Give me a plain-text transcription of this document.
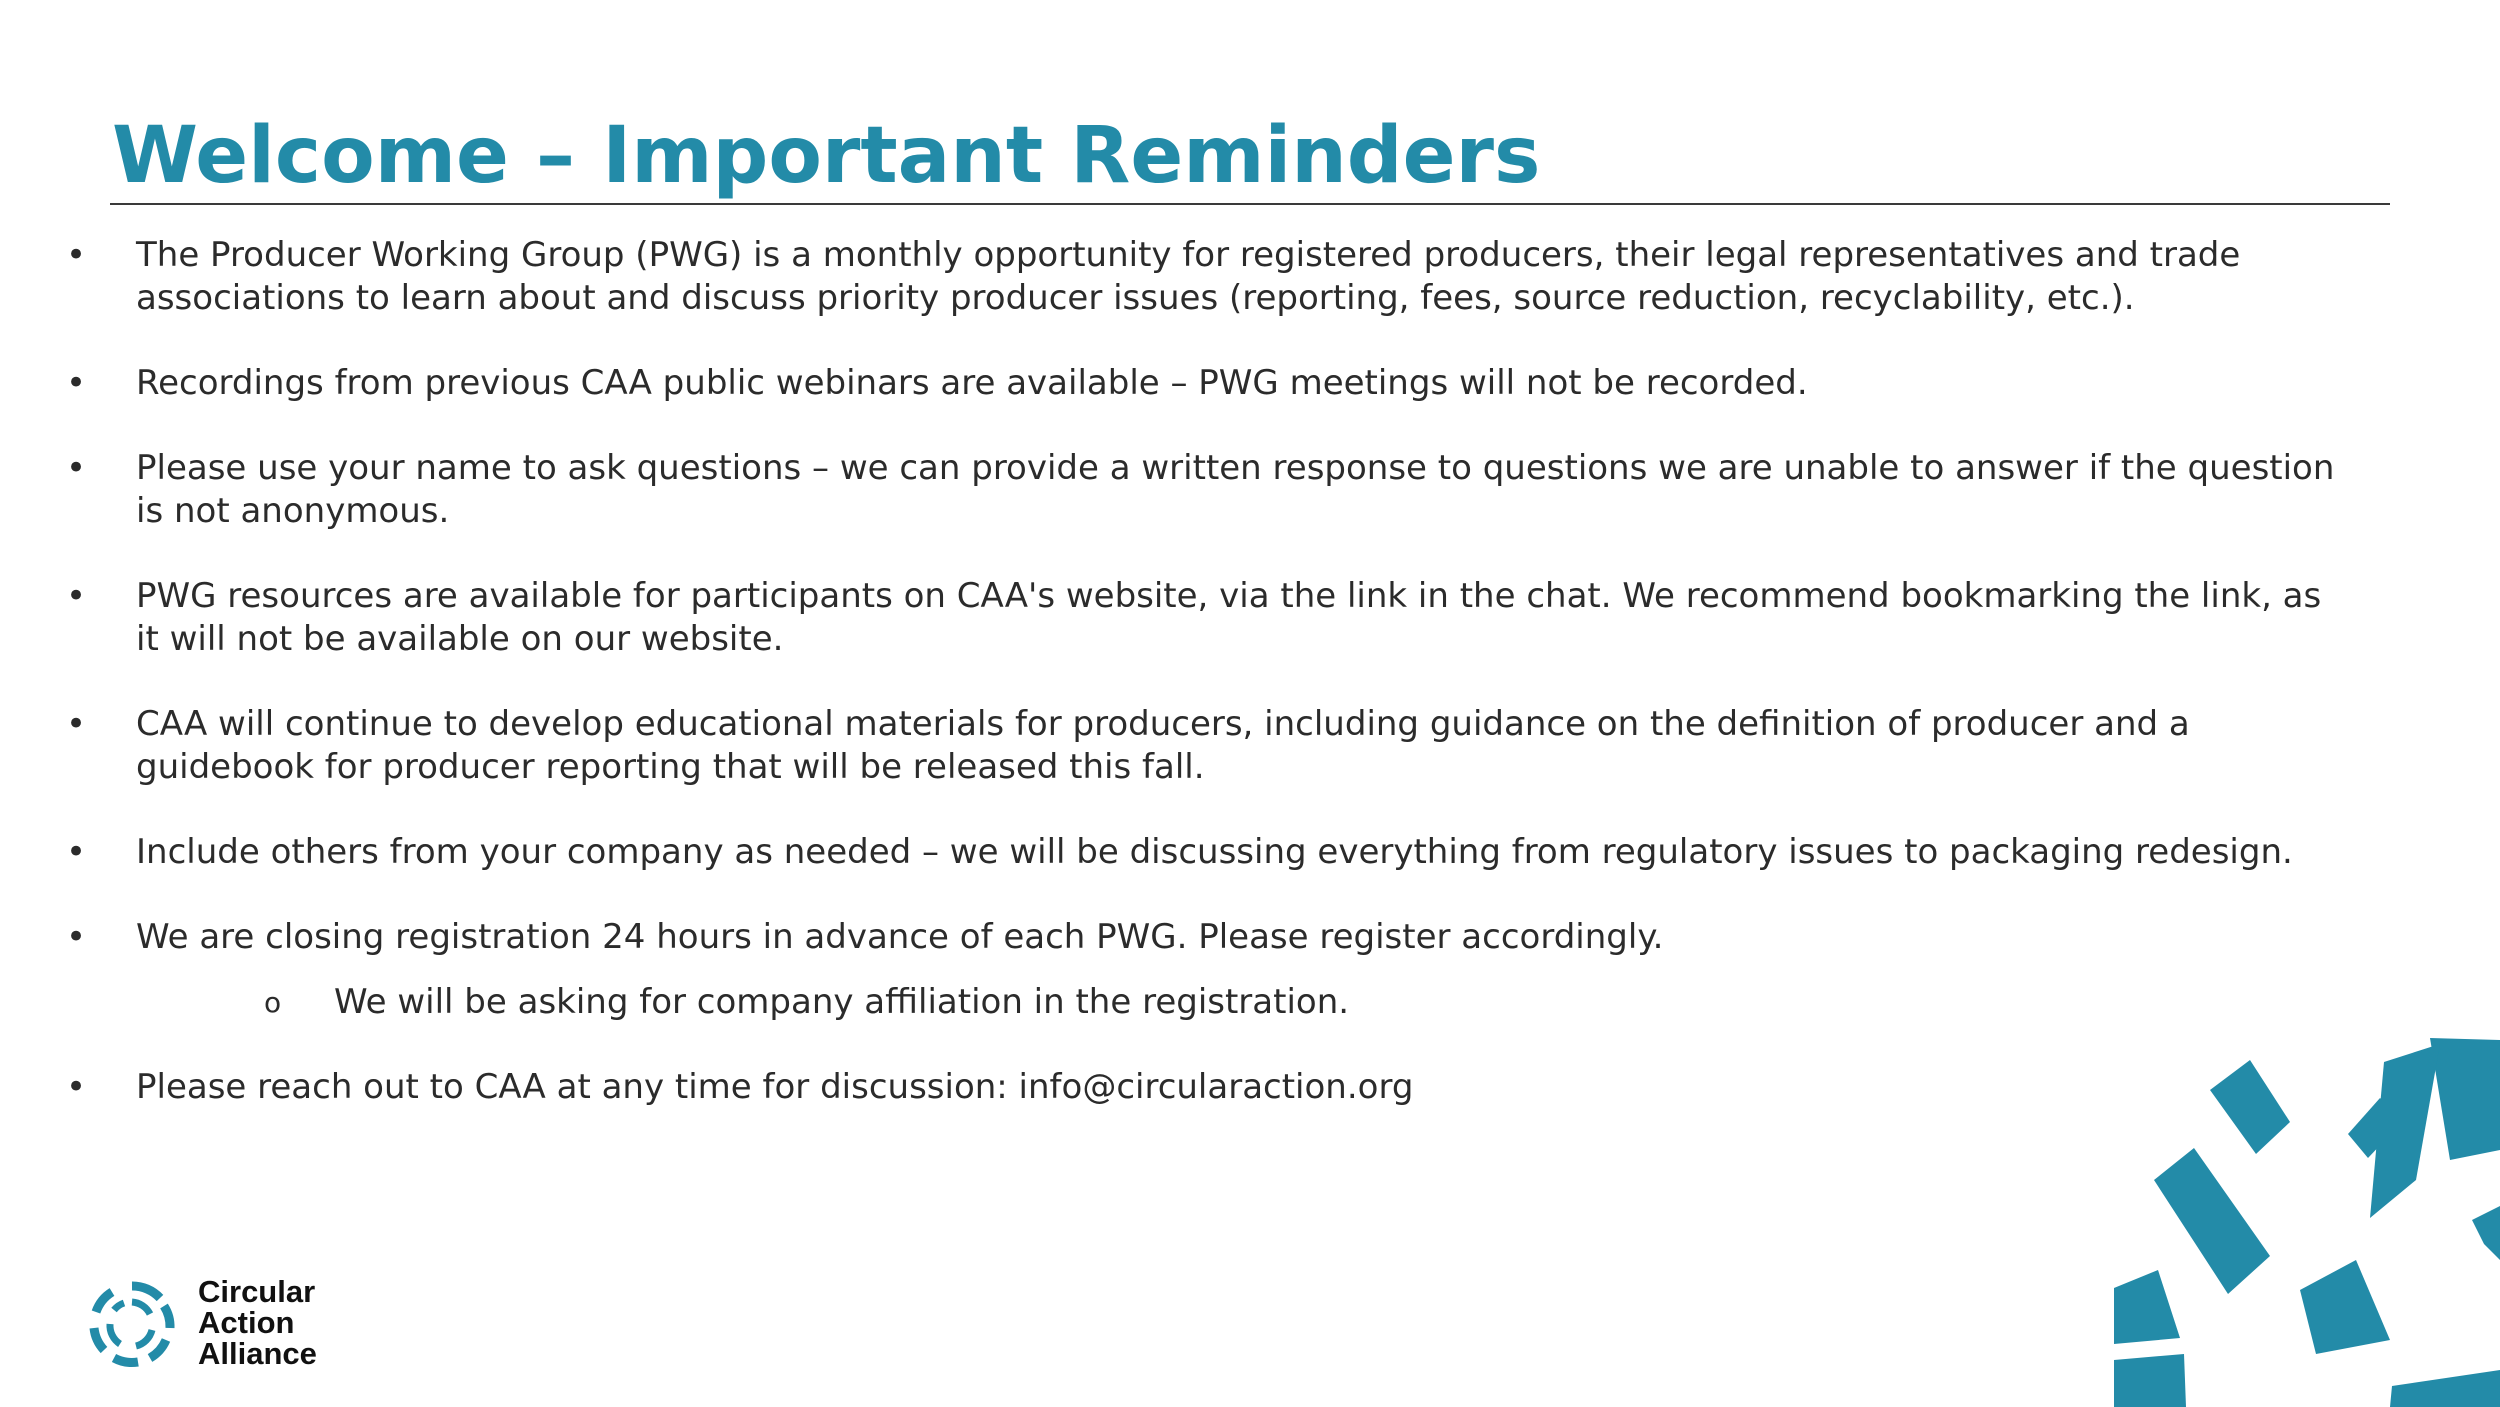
Welcome – Important Reminders
• The Producer Working Group (PWG) is a monthly opportunity for registered producers, their legal representatives and trade associations to learn about and discuss priority producer issues (reporting, fees, source reduction, recyclability, etc.).
• Recordings from previous CAA public webinars are available – PWG meetings will not be recorded.
• Please use your name to ask questions – we can provide a written response to questions we are unable to answer if the question is not anonymous.
• PWG resources are available for participants on CAA's website, via the link in the chat. We recommend bookmarking the link, as it will not be available on our website.
• CAA will continue to develop educational materials for producers, including guidance on the definition of producer and a guidebook for producer reporting that will be released this fall.
• Include others from your company as needed – we will be discussing everything from regulatory issues to packaging redesign.
• We are closing registration 24 hours in advance of each PWG. Please register accordingly.
o We will be asking for company affiliation in the registration.
• Please reach out to CAA at any time for discussion: info@circularaction.org
Circular
Action
Alliance
